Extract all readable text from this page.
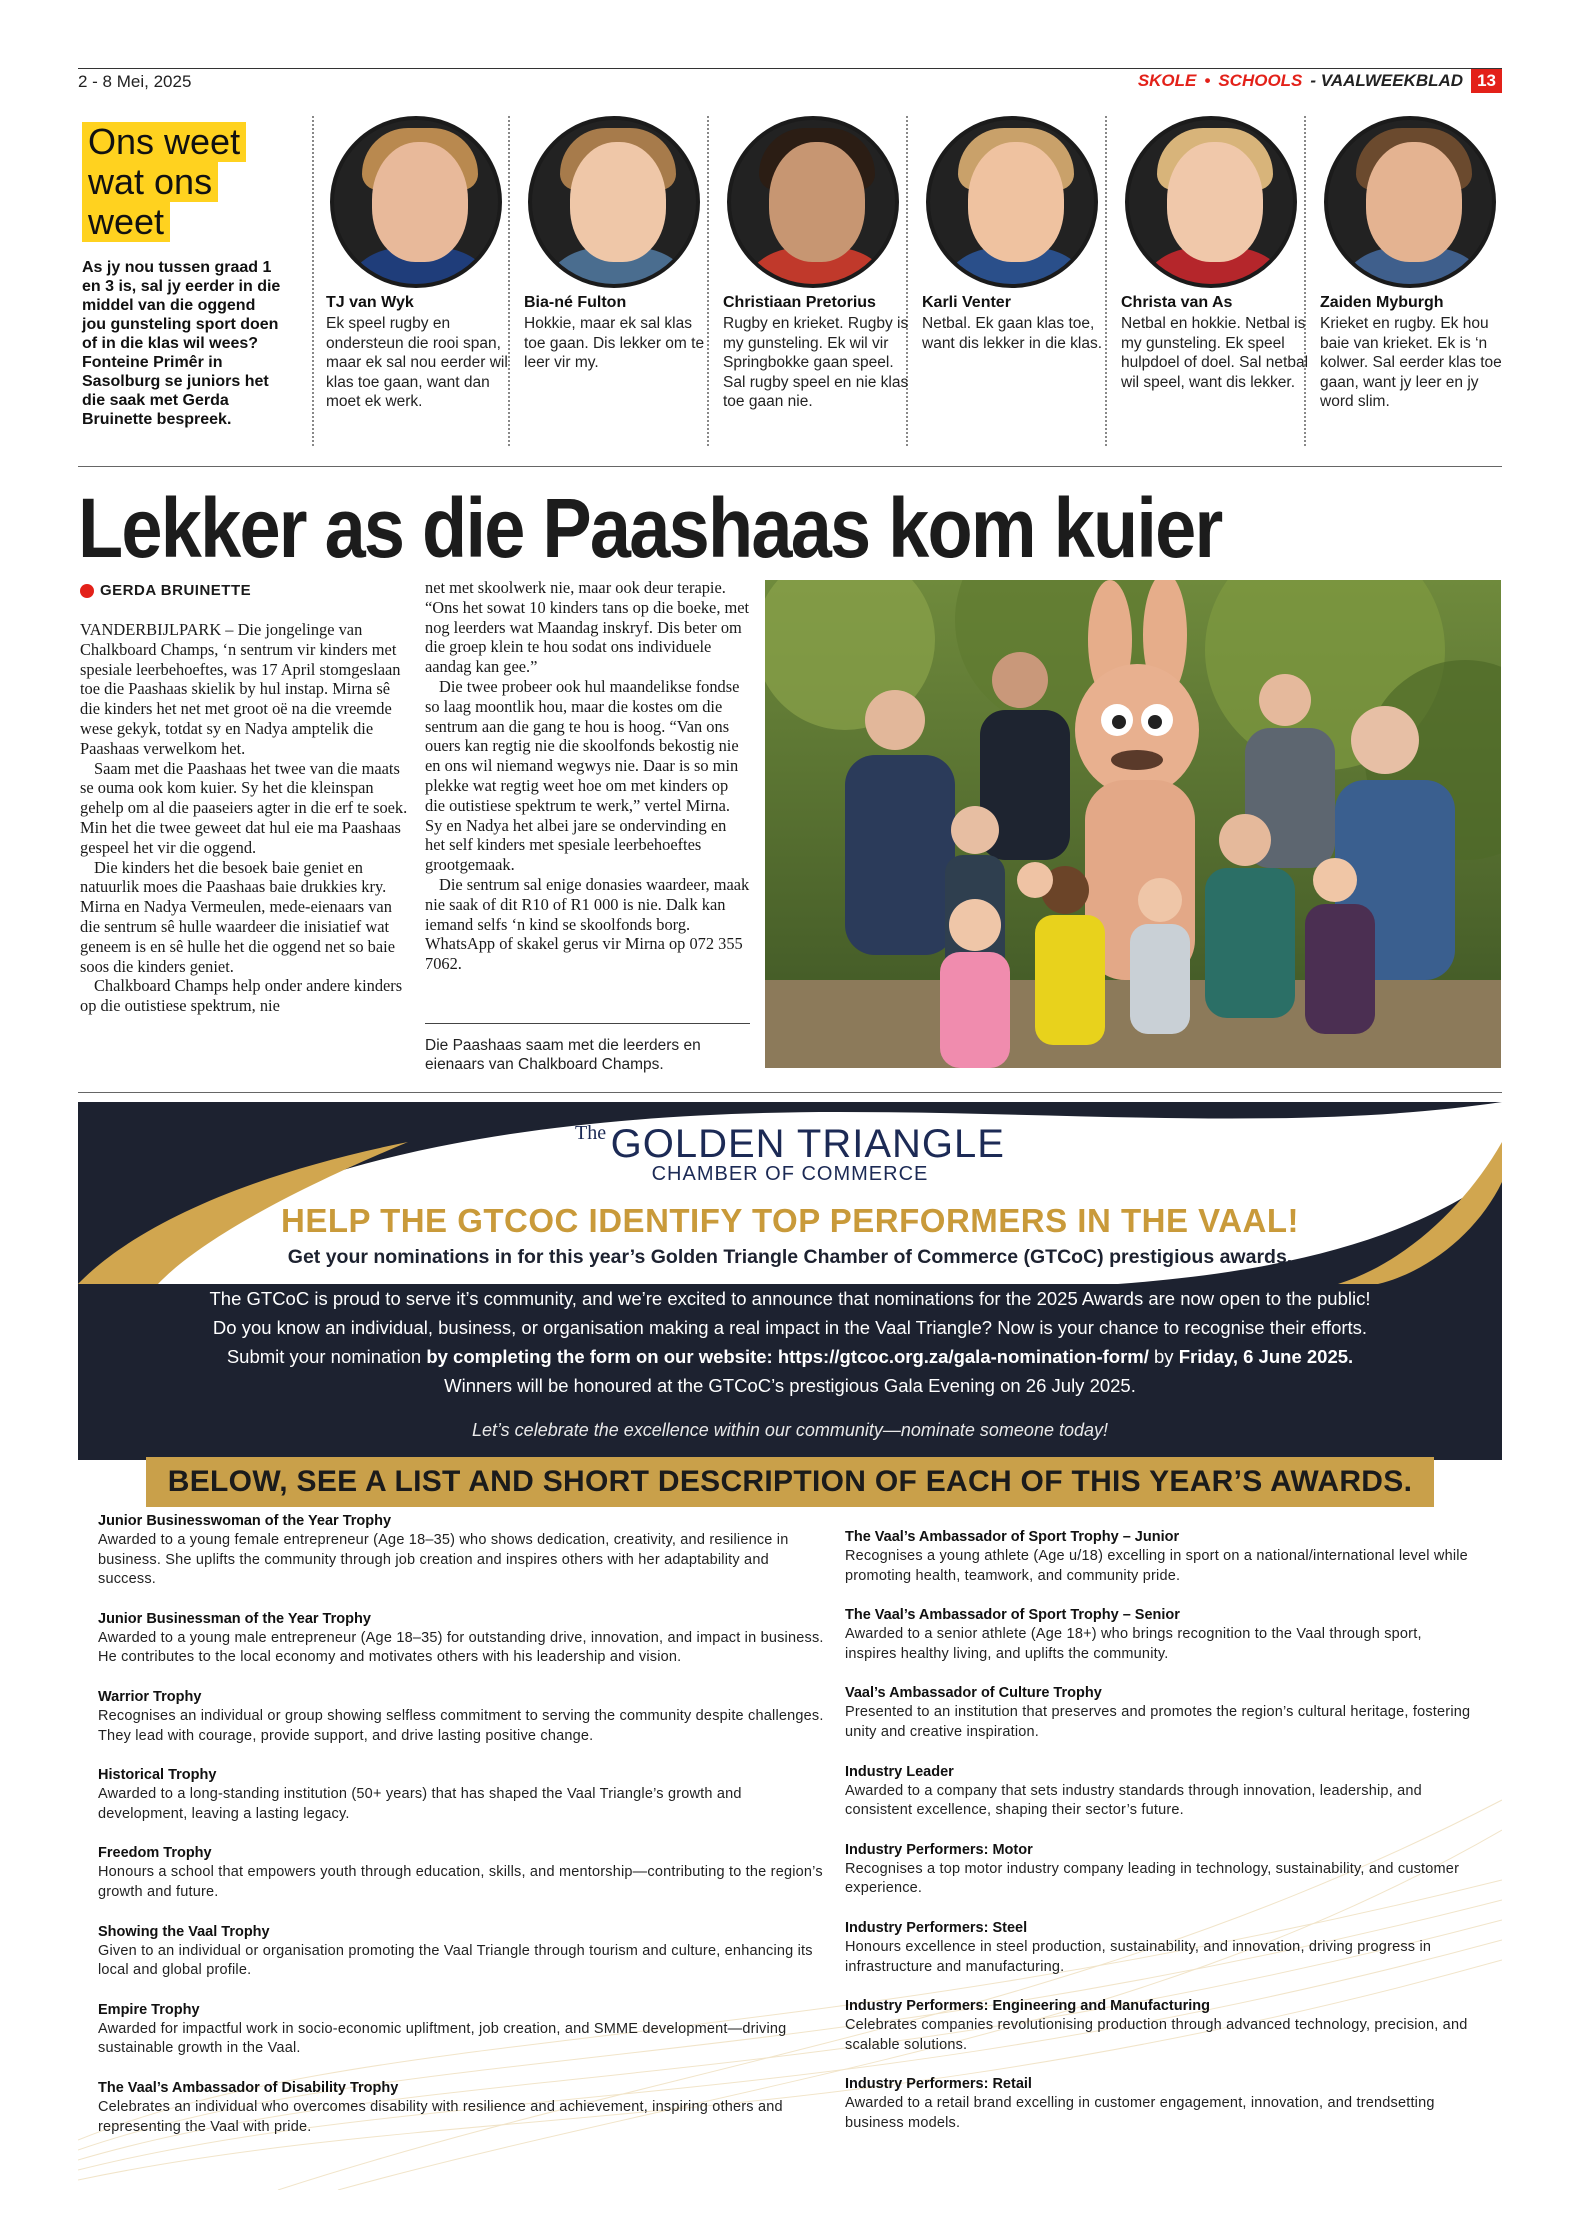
2 - 8 Mei, 2025	SKOLE • SCHOOLS - VAALWEEKBLAD 13
Ons weet
wat ons
weet
As jy nou tussen graad 1 en 3 is, sal jy eerder in die middel van die oggend jou gunsteling sport doen of in die klas wil wees? Fonteine Primêr in Sasolburg se juniors het die saak met Gerda Bruinette bespreek.
TJ van Wyk
Ek speel rugby en ondersteun die rooi span, maar ek sal nou eerder wil klas toe gaan, want dan moet ek werk.
Bia-né Fulton
Hokkie, maar ek sal klas toe gaan. Dis lekker om te leer vir my.
Christiaan Pretorius
Rugby en krieket. Rugby is my gunsteling. Ek wil vir Springbokke gaan speel. Sal rugby speel en nie klas toe gaan nie.
Karli Venter
Netbal. Ek gaan klas toe, want dis lekker in die klas.
Christa van As
Netbal en hokkie. Netbal is my gunsteling. Ek speel hulpdoel of doel. Sal netbal wil speel, want dis lekker.
Zaiden Myburgh
Krieket en rugby. Ek hou baie van krieket. Ek is ‘n kolwer. Sal eerder klas toe gaan, want jy leer en jy word slim.
Lekker as die Paashaas kom kuier
GERDA BRUINETTE

VANDERBIJLPARK – Die jongelinge van Chalkboard Champs, ‘n sentrum vir kinders met spesiale leerbehoeftes, was 17 April stomgeslaan toe die Paashaas skielik by hul instap. Mirna sê die kinders het net met groot oë na die vreemde wese gekyk, totdat sy en Nadya amptelik die Paashaas verwelkom het.

Saam met die Paashaas het twee van die maats se ouma ook kom kuier. Sy het die kleinspan gehelp om al die paaseiers agter in die erf te soek. Min het die twee geweet dat hul eie ma Paashaas gespeel het vir die oggend.

Die kinders het die besoek baie geniet en natuurlik moes die Paashaas baie drukkies kry. Mirna en Nadya Vermeulen, mede-eienaars van die sentrum sê hulle waardeer die inisiatief wat geneem is en sê hulle het die oggend net so baie soos die kinders geniet.

Chalkboard Champs help onder andere kinders op die outistiese spektrum, nie

net met skoolwerk nie, maar ook deur terapie. “Ons het sowat 10 kinders tans op die boeke, met nog leerders wat Maandag inskryf. Dis beter om die groep klein te hou sodat ons individuele aandag kan gee.”

Die twee probeer ook hul maandelikse fondse so laag moontlik hou, maar die kostes om die sentrum aan die gang te hou is hoog. “Van ons ouers kan regtig nie die skoolfonds bekostig nie en ons wil niemand wegwys nie. Daar is so min plekke wat regtig weet hoe om met kinders op die outistiese spektrum te werk,” vertel Mirna. Sy en Nadya het albei jare se ondervinding en het self kinders met spesiale leerbehoeftes grootgemaak.

Die sentrum sal enige donasies waardeer, maak nie saak of dit R10 of R1 000 is nie. Dalk kan iemand selfs ‘n kind se skoolfonds borg. WhatsApp of skakel gerus vir Mirna op 072 355 7062.

Die Paashaas saam met die leerders en eienaars van Chalkboard Champs.
The GOLDEN TRIANGLE
CHAMBER OF COMMERCE
HELP THE GTCOC IDENTIFY TOP PERFORMERS IN THE VAAL!
Get your nominations in for this year’s Golden Triangle Chamber of Commerce (GTCoC) prestigious awards.
The GTCoC is proud to serve it’s community, and we’re excited to announce that nominations for the 2025 Awards are now open to the public!
Do you know an individual, business, or organisation making a real impact in the Vaal Triangle? Now is your chance to recognise their efforts.
Submit your nomination by completing the form on our website: https://gtcoc.org.za/gala-nomination-form/ by Friday, 6 June 2025.
Winners will be honoured at the GTCoC’s prestigious Gala Evening on 26 July 2025.
Let’s celebrate the excellence within our community—nominate someone today!
BELOW, SEE A LIST AND SHORT DESCRIPTION OF EACH OF THIS YEAR’S AWARDS.
Junior Businesswoman of the Year Trophy
Awarded to a young female entrepreneur (Age 18–35) who shows dedication, creativity, and resilience in business. She uplifts the community through job creation and inspires others with her adaptability and success.
Junior Businessman of the Year Trophy
Awarded to a young male entrepreneur (Age 18–35) for outstanding drive, innovation, and impact in business. He contributes to the local economy and motivates others with his leadership and vision.
Warrior Trophy
Recognises an individual or group showing selfless commitment to serving the community despite challenges. They lead with courage, provide support, and drive lasting positive change.
Historical Trophy
Awarded to a long-standing institution (50+ years) that has shaped the Vaal Triangle’s growth and development, leaving a lasting legacy.
Freedom Trophy
Honours a school that empowers youth through education, skills, and mentorship—contributing to the region’s growth and future.
Showing the Vaal Trophy
Given to an individual or organisation promoting the Vaal Triangle through tourism and culture, enhancing its local and global profile.
Empire Trophy
Awarded for impactful work in socio-economic upliftment, job creation, and SMME development—driving sustainable growth in the Vaal.
The Vaal’s Ambassador of Disability Trophy
Celebrates an individual who overcomes disability with resilience and achievement, inspiring others and representing the Vaal with pride.
The Vaal’s Ambassador of Sport Trophy – Junior
Recognises a young athlete (Age u/18) excelling in sport on a national/international level while promoting health, teamwork, and community pride.
The Vaal’s Ambassador of Sport Trophy – Senior
Awarded to a senior athlete (Age 18+) who brings recognition to the Vaal through sport, inspires healthy living, and uplifts the community.
Vaal’s Ambassador of Culture Trophy
Presented to an institution that preserves and promotes the region’s cultural heritage, fostering unity and creative inspiration.
Industry Leader
Awarded to a company that sets industry standards through innovation, leadership, and consistent excellence, shaping their sector’s future.
Industry Performers: Motor
Recognises a top motor industry company leading in technology, sustainability, and customer experience.
Industry Performers: Steel
Honours excellence in steel production, sustainability, and innovation, driving progress in infrastructure and manufacturing.
Industry Performers: Engineering and Manufacturing
Celebrates companies revolutionising production through advanced technology, precision, and scalable solutions.
Industry Performers: Retail
Awarded to a retail brand excelling in customer engagement, innovation, and trendsetting business models.
